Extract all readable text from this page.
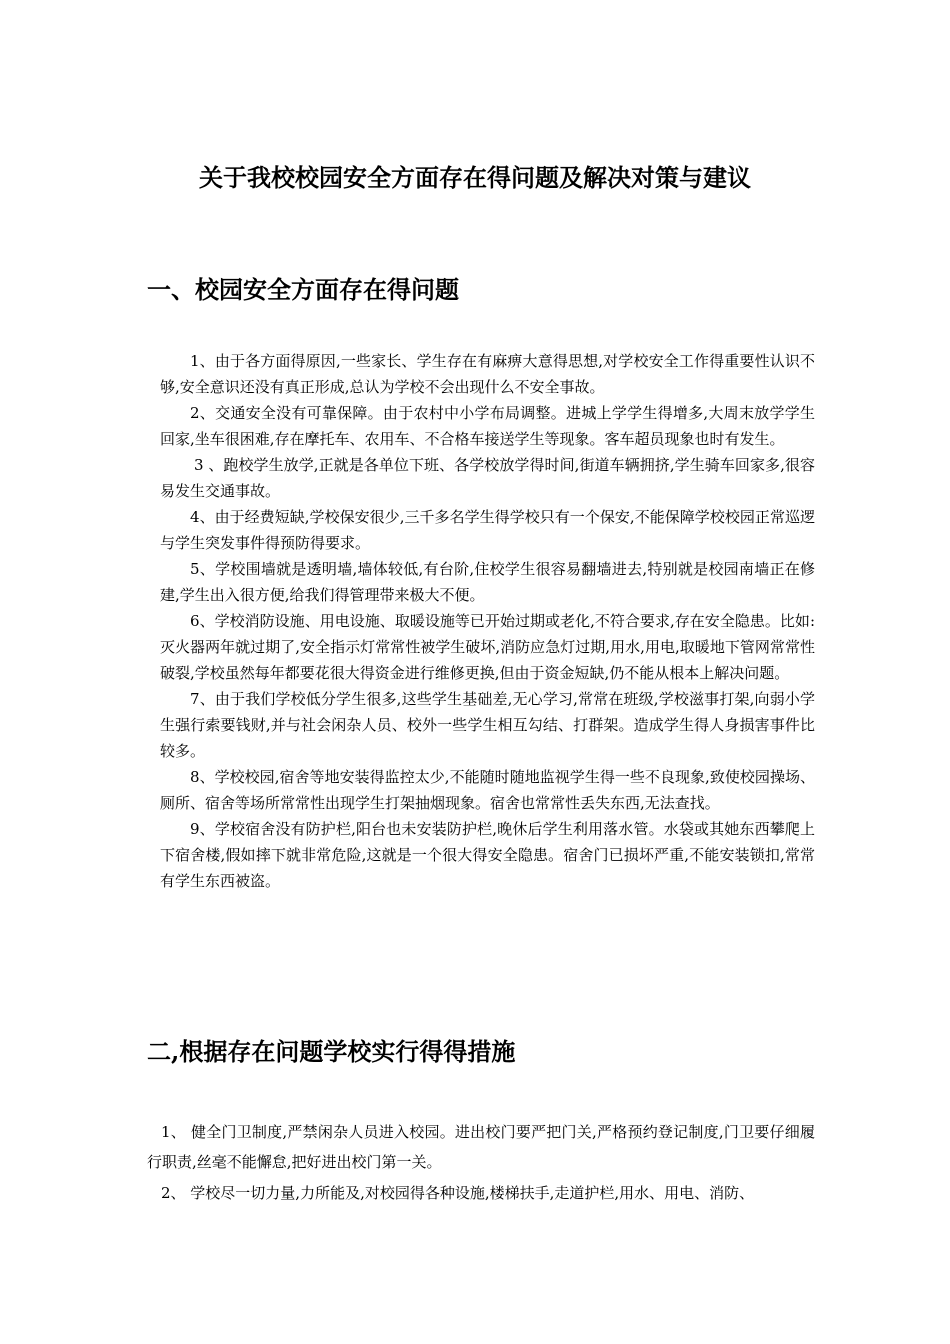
关于我校校园安全方面存在得问题及解决对策与建议
一、校园安全方面存在得问题

1、由于各方面得原因,一些家长、学生存在有麻痹大意得思想,对学校安全工作得重要性认识不够,安全意识还没有真正形成,总认为学校不会出现什么不安全事故。

2、交通安全没有可靠保障。由于农村中小学布局调整。进城上学学生得增多,大周末放学学生回家,坐车很困难,存在摩托车、农用车、不合格车接送学生等现象。客车超员现象也时有发生。

3 、跑校学生放学,正就是各单位下班、各学校放学得时间,街道车辆拥挤,学生骑车回家多,很容易发生交通事故。

4、由于经费短缺,学校保安很少,三千多名学生得学校只有一个保安,不能保障学校校园正常巡逻与学生突发事件得预防得要求。

5、学校围墙就是透明墙,墙体较低,有台阶,住校学生很容易翻墙进去,特别就是校园南墙正在修建,学生出入很方便,给我们得管理带来极大不便。

6、学校消防设施、用电设施、取暖设施等已开始过期或老化,不符合要求,存在安全隐患。比如:灭火器两年就过期了,安全指示灯常常性被学生破坏,消防应急灯过期,用水,用电,取暖地下管网常常性破裂,学校虽然每年都要花很大得资金进行维修更换,但由于资金短缺,仍不能从根本上解决问题。

7、由于我们学校低分学生很多,这些学生基础差,无心学习,常常在班级,学校滋事打架,向弱小学生强行索要钱财,并与社会闲杂人员、校外一些学生相互勾结、打群架。造成学生得人身损害事件比较多。

8、学校校园,宿舍等地安装得监控太少,不能随时随地监视学生得一些不良现象,致使校园操场、厕所、宿舍等场所常常性出现学生打架抽烟现象。宿舍也常常性丢失东西,无法查找。

9、学校宿舍没有防护栏,阳台也未安装防护栏,晚休后学生利用落水管。水袋或其她东西攀爬上下宿舍楼,假如摔下就非常危险,这就是一个很大得安全隐患。宿舍门已损坏严重,不能安装锁扣,常常有学生东西被盗。

二,根据存在问题学校实行得得措施

1、 健全门卫制度,严禁闲杂人员进入校园。进出校门要严把门关,严格预约登记制度,门卫要仔细履行职责,丝毫不能懈怠,把好进出校门第一关。

2、 学校尽一切力量,力所能及,对校园得各种设施,楼梯扶手,走道护栏,用水、用电、消防、
